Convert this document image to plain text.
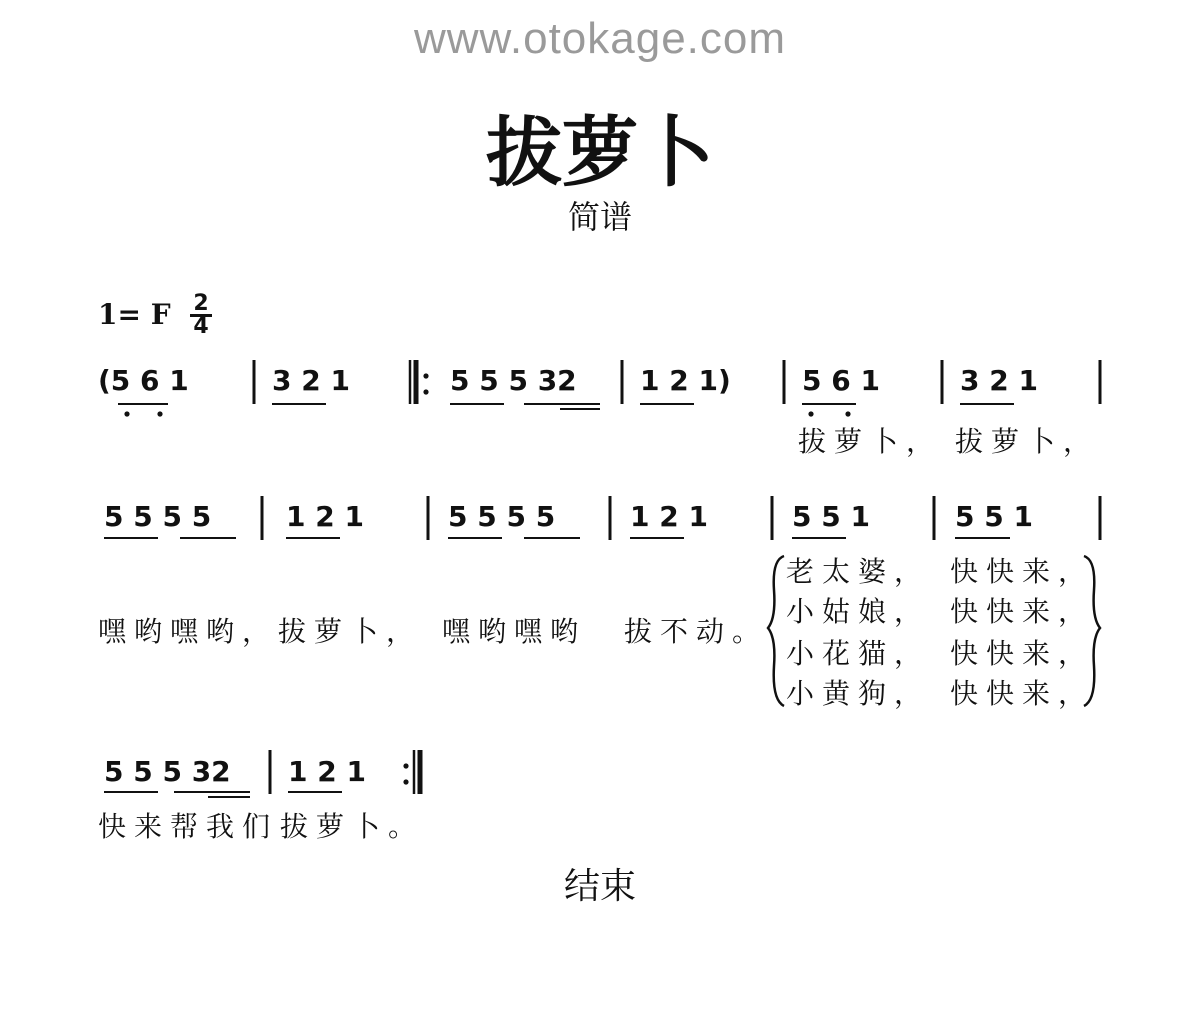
www.otokage.com
拔萝卜
简谱
1= F 2
4
(5 6 1	3 2 1	5 5 5 32 1 2 1)	5 6 1	3 2 1
拔萝卜， 拔萝卜，
5 5 5 5	1 2 1	5 5 5 5	1 2 1	5 5 1	5 5 1
嘿哟嘿哟，拔萝卜， 嘿哟嘿哟 拔不动。
老太婆， 快快来，
小姑娘， 快快来，
小花猫， 快快来，
小黄狗， 快快来，
5 5 5 32 1 2 1
快来帮我们 拔萝卜。
结束
